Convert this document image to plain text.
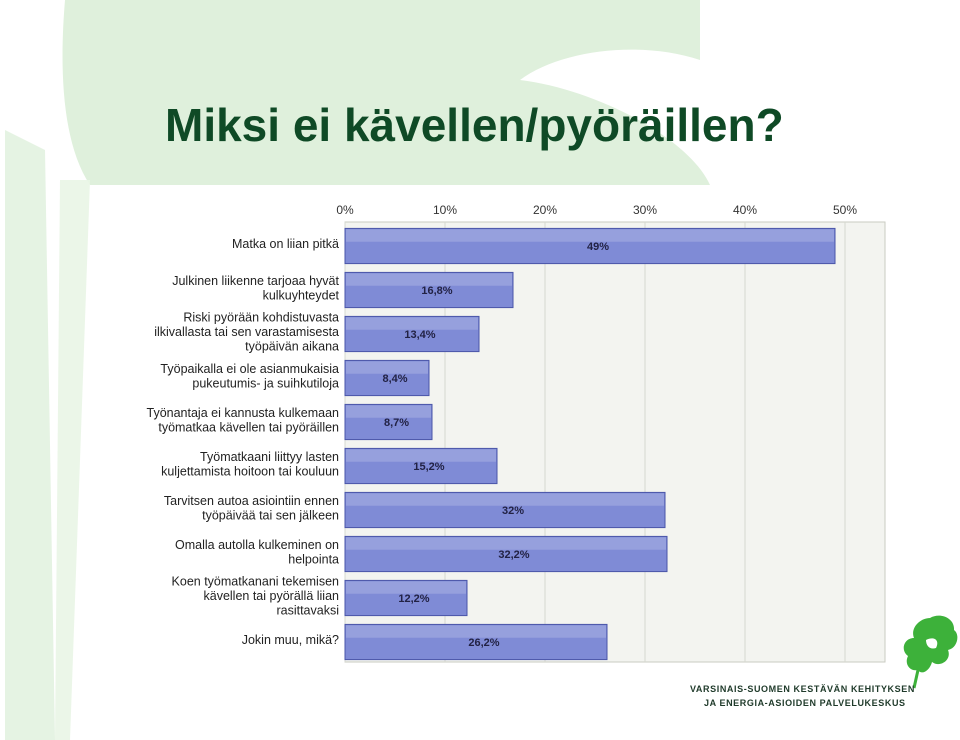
Miksi ei kävellen/pyöräillen?
0%	10%	20%	30%	40%	50%
49%
Matka on liian pitkä
16,8%
Julkinen liikenne tarjoaa hyvät kulkuyhteydet
13,4%
Riski pyörään kohdistuvasta ilkivallasta tai sen varastamisesta työpäivän aikana
8,4%
Työpaikalla ei ole asianmukaisia pukeutumis- ja suihkutiloja
8,7%
Työnantaja ei kannusta kulkemaan työmatkaa kävellen tai pyöräillen
15,2%
Työmatkaani liittyy lasten kuljettamista hoitoon tai kouluun
32%
Tarvitsen autoa asiointiin ennen työpäivää tai sen jälkeen
32,2%
Omalla autolla kulkeminen on helpointa
12,2%
Koen työmatkanani tekemisen kävellen tai pyörällä liian rasittavaksi
26,2%
Jokin muu, mikä?
VARSINAIS-SUOMEN KESTÄVÄN KEHITYKSEN
JA ENERGIA-ASIOIDEN PALVELUKESKUS
